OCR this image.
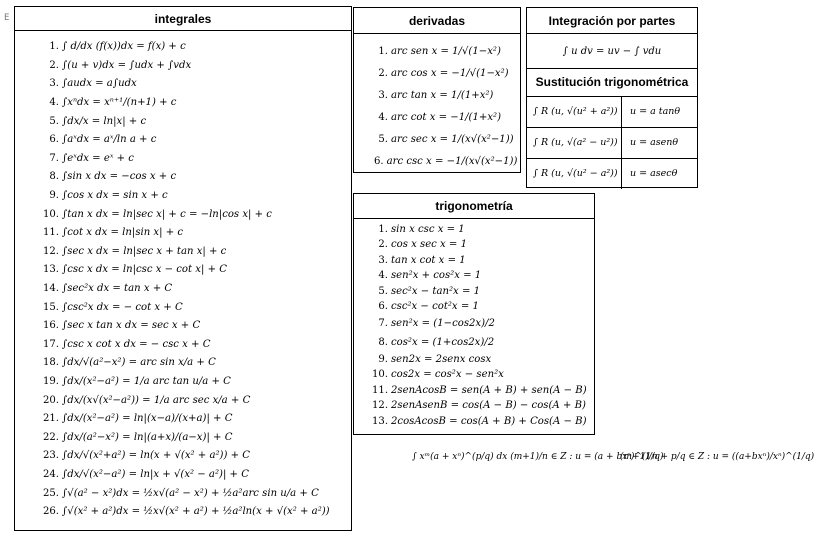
E	integrales
1. ∫ d/dx (f(x))dx = f(x) + c
2. ∫(u + v)dx = ∫udx + ∫vdx
3. ∫audx = a∫udx
4. ∫xⁿdx = xⁿ⁺¹/(n+1) + c
5. ∫dx/x = ln|x| + c
6. ∫aˣdx = aˣ/ln a + c
7. ∫eˣdx = eˣ + c
8. ∫sin x dx = −cos x + c
9. ∫cos x dx = sin x + c
10. ∫tan x dx = ln|sec x| + c = −ln|cos x| + c
11. ∫cot x dx = ln|sin x| + c
12. ∫sec x dx = ln|sec x + tan x| + c
13. ∫csc x dx = ln|csc x − cot x| + C
14. ∫sec²x dx = tan x + C
15. ∫csc²x dx = − cot x + C
16. ∫sec x tan x dx = sec x + C
17. ∫csc x cot x dx = − csc x + C
18. ∫dx/√(a²−x²) = arc sin x/a + C
19. ∫dx/(x²−a²) = 1/a arc tan u/a + C
20. ∫dx/(x√(x²−a²)) = 1/a arc sec x/a + C
21. ∫dx/(x²−a²) = ln|(x−a)/(x+a)| + C
22. ∫dx/(a²−x²) = ln|(a+x)/(a−x)| + C
23. ∫dx/√(x²+a²) = ln(x + √(x² + a²)) + C
24. ∫dx/√(x²−a²) = ln|x + √(x² − a²)| + C
25. ∫√(a² − x²)dx = ½x√(a² − x²) + ½a²arc sin u/a + C
26. ∫√(x² + a²)dx = ½x√(x² + a²) + ½a²ln(x + √(x² + a²))
derivadas
1. arc sen x = 1/√(1−x²)
2. arc cos x = −1/√(1−x²)
3. arc tan x = 1/(1+x²)
4. arc cot x = −1/(1+x²)
5. arc sec x = 1/(x√(x²−1))
6. arc csc x = −1/(x√(x²−1))
Integración por partes
∫ u dv = uv − ∫ vdu
Sustitución trigonométrica
∫ R (u, √(u² + a²))	u = a tanθ
∫ R (u, √(a² − u²))	u = asenθ
∫ R (u, √(u² − a²))	u = asecθ
trigonometría
1. sin x csc x = 1
2. cos x sec x = 1
3. tan x cot x = 1
4. sen²x + cos²x = 1
5. sec²x − tan²x = 1
6. csc²x − cot²x = 1
7. sen²x = (1−cos2x)/2
8. cos²x = (1+cos2x)/2
9. sen2x = 2senx cosx
10. cos2x = cos²x − sen²x
11. 2senAcosB = sen(A + B) + sen(A − B)
12. 2senAsenB = cos(A − B) − cos(A + B)
13. 2cosAcosB = cos(A + B) + Cos(A − B)
∫ xᵐ(a + xⁿ)^(p/q) dx (m+1)/n ∈ Z : u = (a + bxⁿ)^(1/q)
(m+1)/n + p/q ∈ Z : u = ((a+bxⁿ)/xⁿ)^(1/q)
